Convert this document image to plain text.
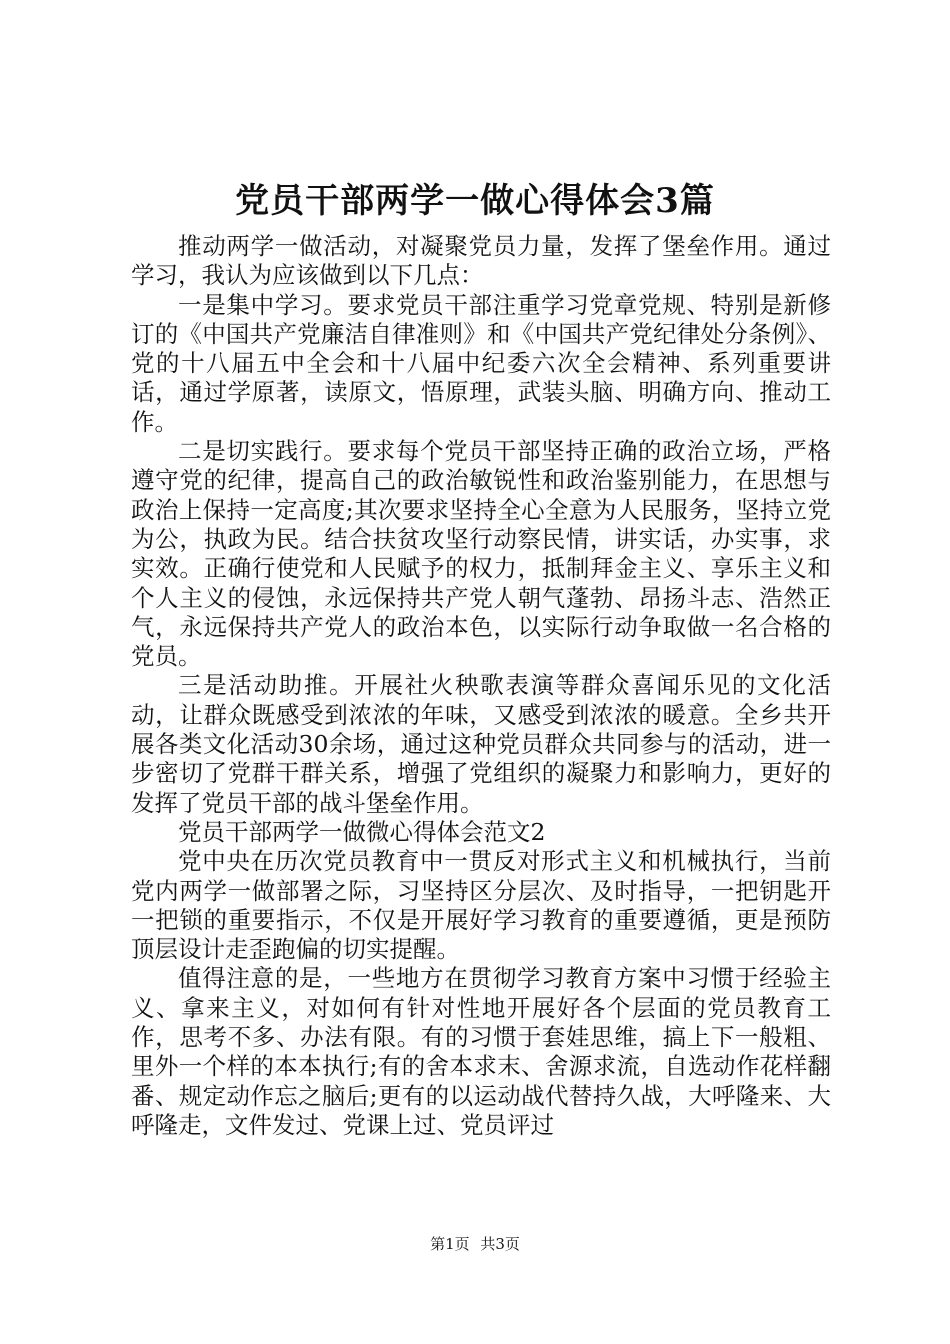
党员干部两学一做心得体会3篇

推动两学一做活动，对凝聚党员力量，发挥了堡垒作用。通过学习，我认为应该做到以下几点：

一是集中学习。要求党员干部注重学习党章党规、特别是新修订的《中国共产党廉洁自律准则》和《中国共产党纪律处分条例》、党的十八届五中全会和十八届中纪委六次全会精神、系列重要讲话，通过学原著，读原文，悟原理，武装头脑、明确方向、推动工作。

二是切实践行。要求每个党员干部坚持正确的政治立场，严格遵守党的纪律，提高自己的政治敏锐性和政治鉴别能力，在思想与政治上保持一定高度;其次要求坚持全心全意为人民服务，坚持立党为公，执政为民。结合扶贫攻坚行动察民情，讲实话，办实事，求实效。正确行使党和人民赋予的权力，抵制拜金主义、享乐主义和个人主义的侵蚀，永远保持共产党人朝气蓬勃、昂扬斗志、浩然正气，永远保持共产党人的政治本色，以实际行动争取做一名合格的党员。

三是活动助推。开展社火秧歌表演等群众喜闻乐见的文化活动，让群众既感受到浓浓的年味，又感受到浓浓的暖意。全乡共开展各类文化活动30余场，通过这种党员群众共同参与的活动，进一步密切了党群干群关系，增强了党组织的凝聚力和影响力，更好的发挥了党员干部的战斗堡垒作用。

党员干部两学一做微心得体会范文2

党中央在历次党员教育中一贯反对形式主义和机械执行，当前党内两学一做部署之际，习坚持区分层次、及时指导，一把钥匙开一把锁的重要指示，不仅是开展好学习教育的重要遵循，更是预防顶层设计走歪跑偏的切实提醒。

值得注意的是，一些地方在贯彻学习教育方案中习惯于经验主义、拿来主义，对如何有针对性地开展好各个层面的党员教育工作，思考不多、办法有限。有的习惯于套娃思维，搞上下一般粗、里外一个样的本本执行;有的舍本求末、舍源求流，自选动作花样翻番、规定动作忘之脑后;更有的以运动战代替持久战，大呼隆来、大呼隆走，文件发过、党课上过、党员评过

第1页 共3页
